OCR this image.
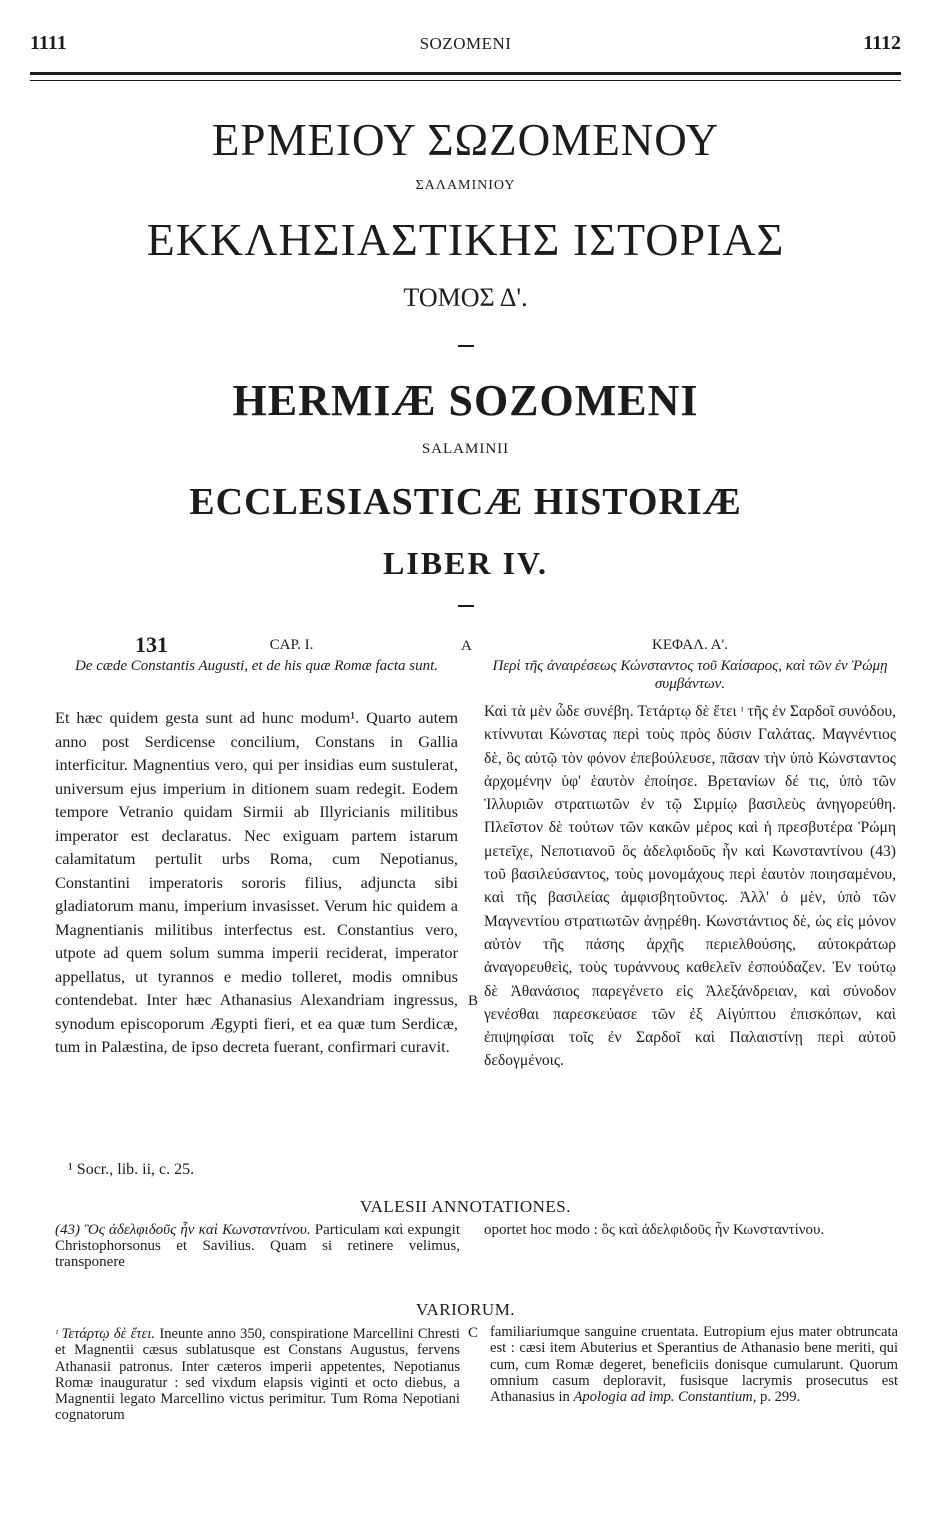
1111	SOZOMENI	1112
ΕΡΜΕΙΟΥ ΣΩΖΟΜΕΝΟΥ
ΣΑΛΑΜΙΝΙΟΥ
ΕΚΚΛΗΣΙΑΣΤΙΚΗΣ ΙΣΤΟΡΙΑΣ
ΤΟΜΟΣ Δ'.
HERMIÆ SOZOMENI
SALAMINII
ECCLESIASTICÆ HISTORIÆ
LIBER IV.
131	CAP. I.	A	ΚΕΦΑΛ. Α'.
De cæde Constantis Augusti, et de his quæ Romæ facta sunt.	Περὶ τῆς ἀναιρέσεως Κώνσταντος τοῦ Καίσαρος, καὶ τῶν ἐν Ῥώμῃ συμβάντων.
Et hæc quidem gesta sunt ad hunc modum¹. Quarto autem anno post Serdicense concilium, Constans in Gallia interficitur. Magnentius vero, qui per insidias eum sustulerat, universum ejus imperium in ditionem suam redegit. Eodem tempore Vetranio quidam Sirmii ab Illyricianis militibus imperator est declaratus. Nec exiguam partem istarum calamitatum pertulit urbs Roma, cum Nepotianus, Constantini imperatoris sororis filius, adjuncta sibi gladiatorum manu, imperium invasisset. Verum hic quidem a Magnentianis militibus interfectus est. Constantius vero, utpote ad quem solum summa imperii reciderat, imperator appellatus, ut tyrannos e medio tolleret, modis omnibus contendebat. Inter hæc Athanasius Alexandriam ingressus, synodum episcoporum Ægypti fieri, et ea quæ tum Serdicæ, tum in Palæstina, de ipso decreta fuerant, confirmari curavit.
Καὶ τὰ μὲν ὧδε συνέβη. Τετάρτῳ δὲ ἔτει ᶦ τῆς ἐν Σαρδοῖ συνόδου, κτίννυται Κώνστας περὶ τοὺς πρὸς δύσιν Γαλάτας. Μαγνέντιος δὲ, ὃς αὐτῷ τὸν φόνον ἐπεβούλευσε, πᾶσαν τὴν ὑπὸ Κώνσταντος ἀρχομένην ὑφ' ἑαυτὸν ἐποίησε. Βρετανίων δέ τις, ὑπὸ τῶν Ἰλλυριῶν στρατιωτῶν ἐν τῷ Σιρμίῳ βασιλεὺς ἀνηγορεύθη. Πλεῖστον δὲ τούτων τῶν κακῶν μέρος καὶ ἡ πρεσβυτέρα Ῥώμη μετεῖχε, Νεποτιανοῦ ὃς ἀδελφιδοῦς ἦν καὶ Κωνσταντίνου (43) τοῦ βασιλεύσαντος, τοὺς μονομάχους περὶ ἑαυτὸν ποιησαμένου, καὶ τῆς βασιλείας ἀμφισβητοῦντος. Ἀλλ' ὁ μὲν, ὑπὸ τῶν Μαγνεντίου στρατιωτῶν ἀνῃρέθη. Κωνστάντιος δὲ, ὡς εἰς μόνον αὐτὸν τῆς πάσης ἀρχῆς περιελθούσης, αὐτοκράτωρ ἀναγορευθεὶς, τοὺς τυράννους καθελεῖν ἐσπούδαζεν. Ἐν τούτῳ δὲ Ἀθανάσιος παρεγένετο εἰς Ἀλεξάνδρειαν, καὶ σύνοδον γενέσθαι παρεσκεύασε τῶν ἐξ Αἰγύπτου ἐπισκόπων, καὶ ἐπιψηφίσαι τοῖς ἐν Σαρδοῖ καὶ Παλαιστίνῃ περὶ αὐτοῦ δεδογμένοις.
B
¹ Socr., lib. ii, c. 25.
VALESII ANNOTATIONES.
(43) Ὃς ἀδελφιδοῦς ἦν καὶ Κωνσταντίνου. Particulam καὶ expungit Christophorsonus et Savilius. Quam si retinere velimus, transponere
oportet hoc modo : ὃς καὶ ἀδελφιδοῦς ἦν Κωνσταντίνου.
VARIORUM.
ᶦ Τετάρτῳ δὲ ἔτει. Ineunte anno 350, conspiratione Marcellini Chresti et Magnentii cæsus sublatusque est Constans Augustus, fervens Athanasii patronus. Inter cæteros imperii appetentes, Nepotianus Romæ inauguratur : sed vixdum elapsis viginti et octo diebus, a Magnentii legato Marcellino victus perimitur. Tum Roma Nepotiani cognatorum
C familiariumque sanguine cruentata. Eutropium ejus mater obtruncata est : cæsi item Abuterius et Sperantius de Athanasio bene meriti, qui cum, cum Romæ degeret, beneficiis donisque cumularunt. Quorum omnium casum deploravit, fusisque lacrymis prosecutus est Athanasius in Apologia ad imp. Constantium, p. 299.
